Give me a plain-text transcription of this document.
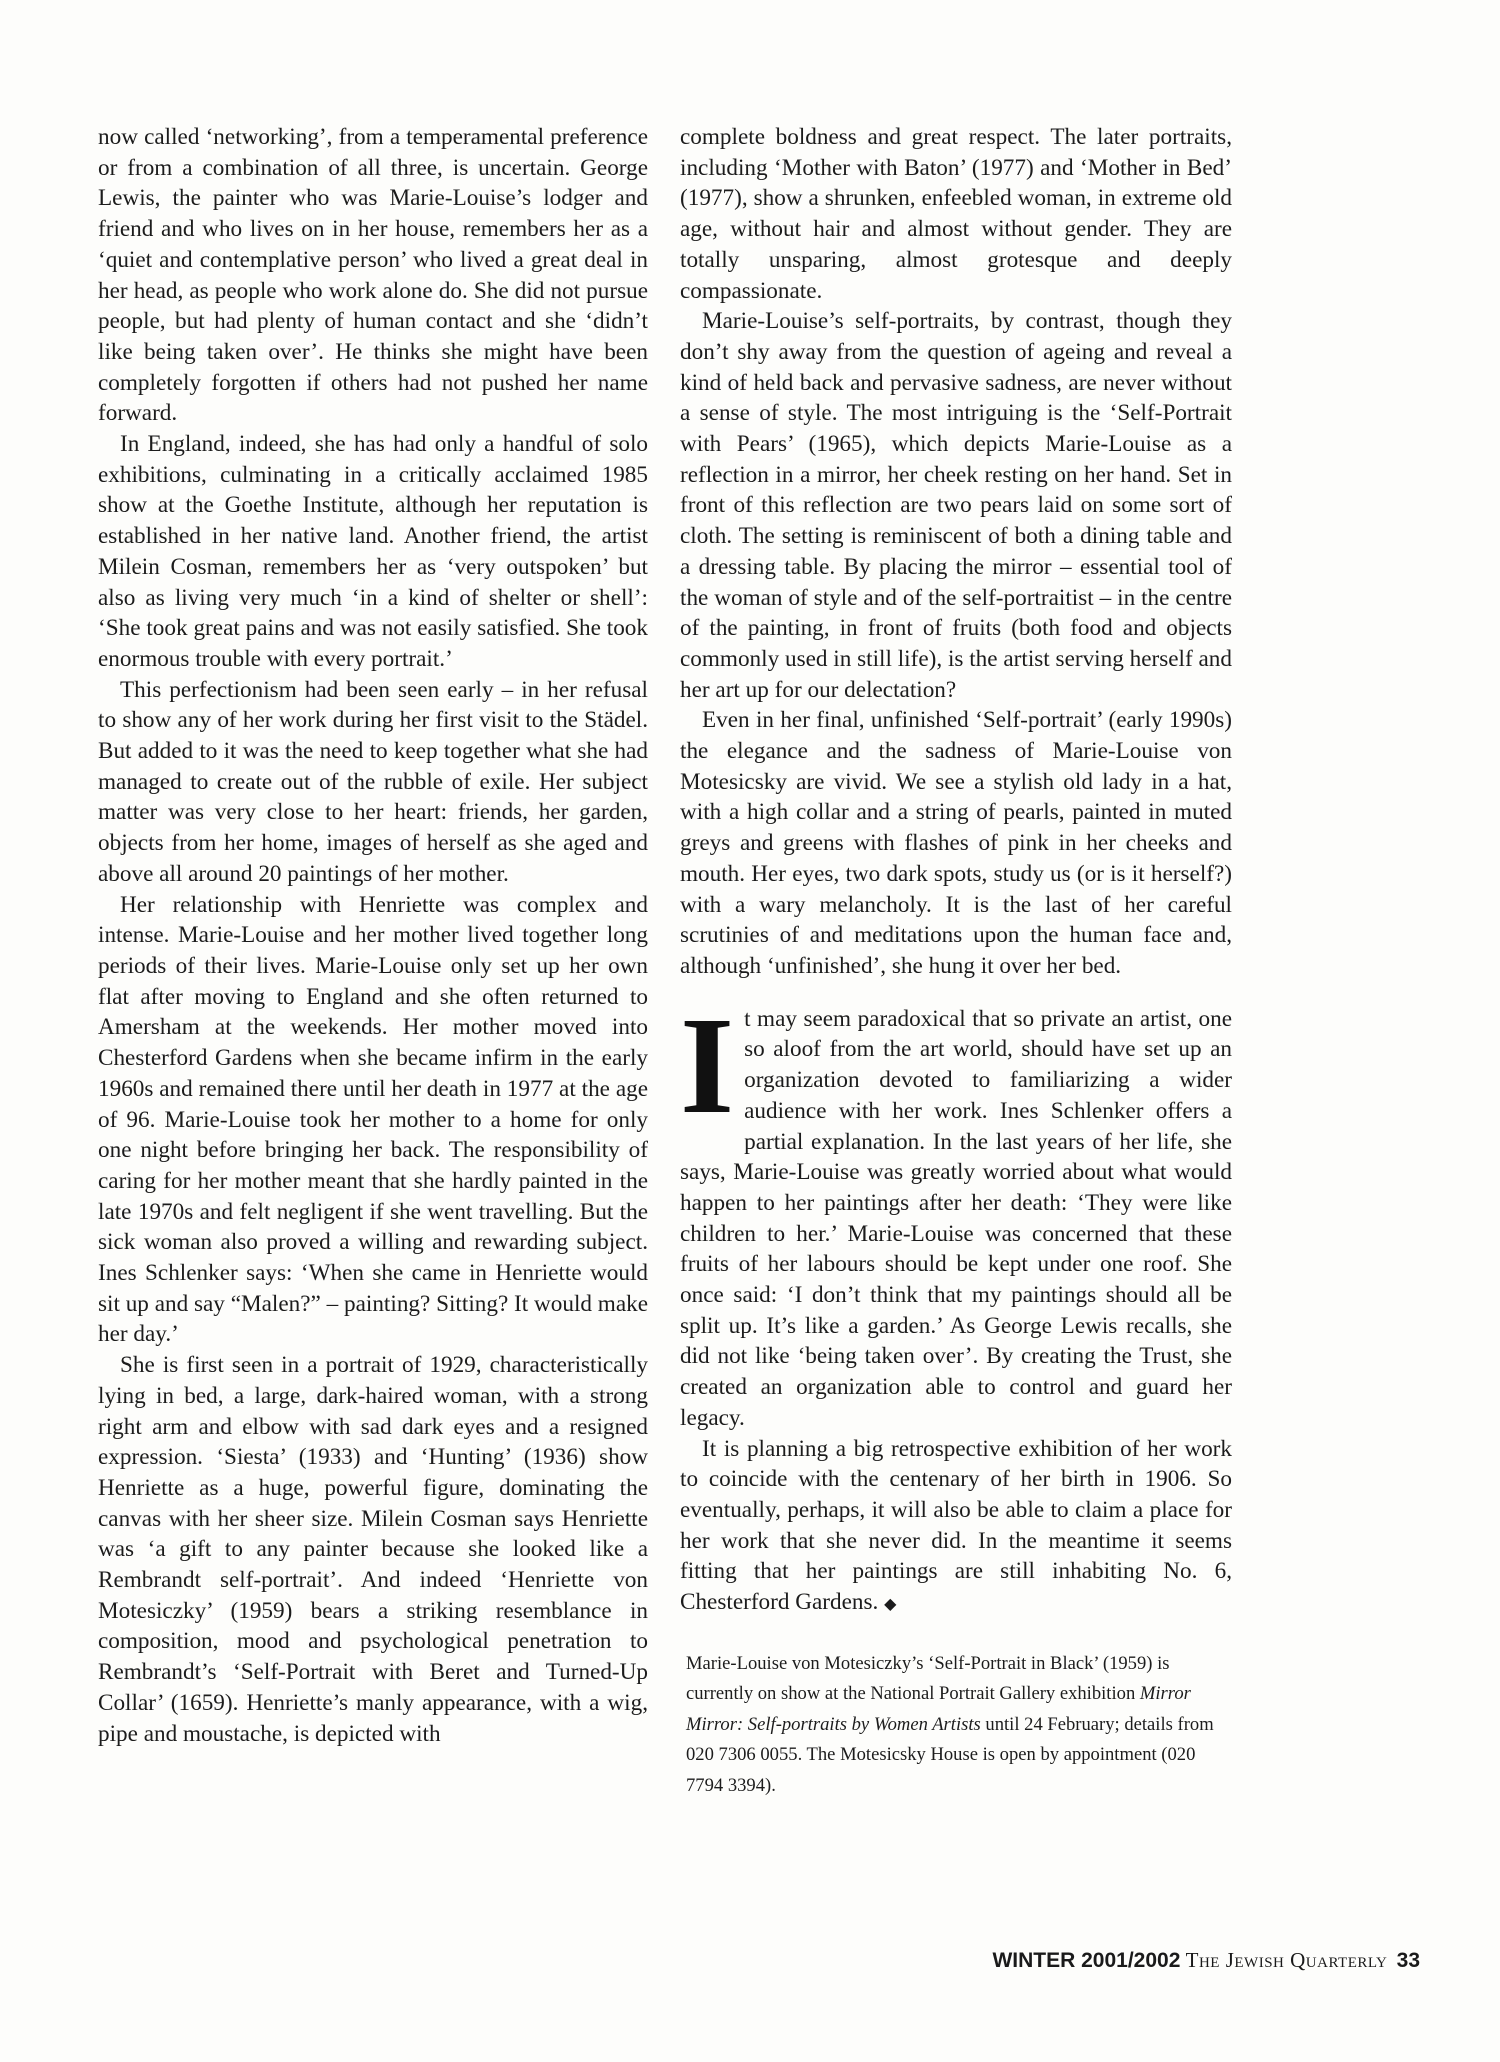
now called ‘networking’, from a temperamental preference or from a combination of all three, is uncertain. George Lewis, the painter who was Marie-Louise’s lodger and friend and who lives on in her house, remembers her as a ‘quiet and contemplative person’ who lived a great deal in her head, as people who work alone do. She did not pursue people, but had plenty of human contact and she ‘didn’t like being taken over’. He thinks she might have been completely forgotten if others had not pushed her name forward.

In England, indeed, she has had only a handful of solo exhibitions, culminating in a critically acclaimed 1985 show at the Goethe Institute, although her reputation is established in her native land. Another friend, the artist Milein Cosman, remembers her as ‘very outspoken’ but also as living very much ‘in a kind of shelter or shell’: ‘She took great pains and was not easily satisfied. She took enormous trouble with every portrait.’

This perfectionism had been seen early – in her refusal to show any of her work during her first visit to the Städel. But added to it was the need to keep together what she had managed to create out of the rubble of exile. Her subject matter was very close to her heart: friends, her garden, objects from her home, images of herself as she aged and above all around 20 paintings of her mother.

Her relationship with Henriette was complex and intense. Marie-Louise and her mother lived together long periods of their lives. Marie-Louise only set up her own flat after moving to England and she often returned to Amersham at the weekends. Her mother moved into Chesterford Gardens when she became infirm in the early 1960s and remained there until her death in 1977 at the age of 96. Marie-Louise took her mother to a home for only one night before bringing her back. The responsibility of caring for her mother meant that she hardly painted in the late 1970s and felt negligent if she went travelling. But the sick woman also proved a willing and rewarding subject. Ines Schlenker says: ‘When she came in Henriette would sit up and say “Malen?” – painting? Sitting? It would make her day.’

She is first seen in a portrait of 1929, characteristically lying in bed, a large, dark-haired woman, with a strong right arm and elbow with sad dark eyes and a resigned expression. ‘Siesta’ (1933) and ‘Hunting’ (1936) show Henriette as a huge, powerful figure, dominating the canvas with her sheer size. Milein Cosman says Henriette was ‘a gift to any painter because she looked like a Rembrandt self-portrait’. And indeed ‘Henriette von Motesiczky’ (1959) bears a striking resemblance in composition, mood and psychological penetration to Rembrandt’s ‘Self-Portrait with Beret and Turned-Up Collar’ (1659). Henriette’s manly appearance, with a wig, pipe and moustache, is depicted with

complete boldness and great respect. The later portraits, including ‘Mother with Baton’ (1977) and ‘Mother in Bed’ (1977), show a shrunken, enfeebled woman, in extreme old age, without hair and almost without gender. They are totally unsparing, almost grotesque and deeply compassionate.

Marie-Louise’s self-portraits, by contrast, though they don’t shy away from the question of ageing and reveal a kind of held back and pervasive sadness, are never without a sense of style. The most intriguing is the ‘Self-Portrait with Pears’ (1965), which depicts Marie-Louise as a reflection in a mirror, her cheek resting on her hand. Set in front of this reflection are two pears laid on some sort of cloth. The setting is reminiscent of both a dining table and a dressing table. By placing the mirror – essential tool of the woman of style and of the self-portraitist – in the centre of the painting, in front of fruits (both food and objects commonly used in still life), is the artist serving herself and her art up for our delectation?

Even in her final, unfinished ‘Self-portrait’ (early 1990s) the elegance and the sadness of Marie-Louise von Motesicsky are vivid. We see a stylish old lady in a hat, with a high collar and a string of pearls, painted in muted greys and greens with flashes of pink in her cheeks and mouth. Her eyes, two dark spots, study us (or is it herself?) with a wary melancholy. It is the last of her careful scrutinies of and meditations upon the human face and, although ‘unfinished’, she hung it over her bed.

It may seem paradoxical that so private an artist, one so aloof from the art world, should have set up an organization devoted to familiarizing a wider audience with her work. Ines Schlenker offers a partial explanation. In the last years of her life, she says, Marie-Louise was greatly worried about what would happen to her paintings after her death: ‘They were like children to her.’ Marie-Louise was concerned that these fruits of her labours should be kept under one roof. She once said: ‘I don’t think that my paintings should all be split up. It’s like a garden.’ As George Lewis recalls, she did not like ‘being taken over’. By creating the Trust, she created an organization able to control and guard her legacy.

It is planning a big retrospective exhibition of her work to coincide with the centenary of her birth in 1906. So eventually, perhaps, it will also be able to claim a place for her work that she never did. In the meantime it seems fitting that her paintings are still inhabiting No. 6, Chesterford Gardens. ◆

Marie-Louise von Motesiczky’s ‘Self-Portrait in Black’ (1959) is currently on show at the National Portrait Gallery exhibition Mirror Mirror: Self-portraits by Women Artists until 24 February; details from 020 7306 0055. The Motesicsky House is open by appointment (020 7794 3394).
WINTER 2001/2002 The Jewish Quarterly 33
